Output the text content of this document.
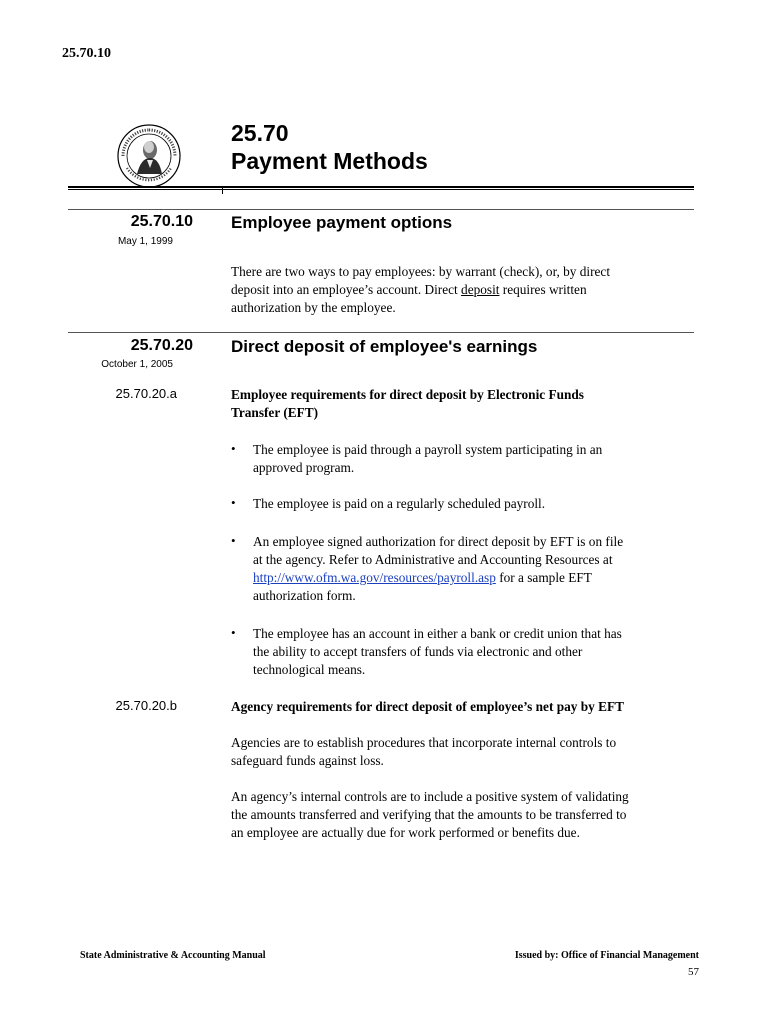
25.70.10
25.70
Payment Methods
25.70.10
May 1, 1999
Employee payment options
There are two ways to pay employees: by warrant (check), or, by direct
deposit into an employee’s account. Direct deposit requires written
authorization by the employee.
25.70.20
October 1, 2005
Direct deposit of employee's earnings
25.70.20.a	Employee requirements for direct deposit by Electronic Funds
Transfer (EFT)
• The employee is paid through a payroll system participating in an
approved program.
• The employee is paid on a regularly scheduled payroll.
• An employee signed authorization for direct deposit by EFT is on file
at the agency. Refer to Administrative and Accounting Resources at
http://www.ofm.wa.gov/resources/payroll.asp for a sample EFT
authorization form.
• The employee has an account in either a bank or credit union that has
the ability to accept transfers of funds via electronic and other
technological means.
25.70.20.b	Agency requirements for direct deposit of employee’s net pay by EFT
Agencies are to establish procedures that incorporate internal controls to
safeguard funds against loss.
An agency’s internal controls are to include a positive system of validating
the amounts transferred and verifying that the amounts to be transferred to
an employee are actually due for work performed or benefits due.
State Administrative & Accounting Manual	Issued by: Office of Financial Management
57
